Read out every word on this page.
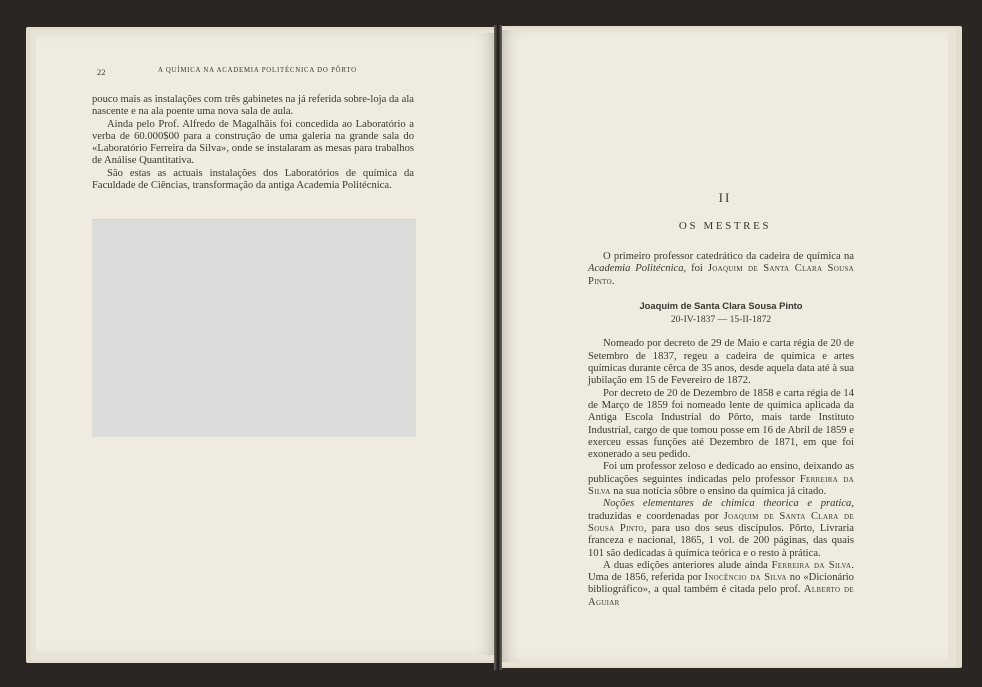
22	A QUÍMICA NA ACADEMIA POLITÉCNICA DO PÔRTO

pouco mais as instalações com três gabinetes na já referida sobre-loja da ala nascente e na ala poente uma nova sala de aula.

Ainda pelo Prof. Alfredo de Magalhãis foi concedida ao Laboratório a verba de 60.000$00 para a construção de uma galeria na grande sala do «Laboratório Ferreira da Silva», onde se instalaram as mesas para trabalhos de Análise Quantitativa.

São estas as actuais instalações dos Laboratórios de química da Faculdade de Ciências, transformação da antiga Academia Politécnica.

II
OS MESTRES

O primeiro professor catedrático da cadeira de química na Academia Politécnica, foi Joaquim de Santa Clara Sousa Pinto.

Joaquim de Santa Clara Sousa Pinto

20-IV-1837 — 15-II-1872

Nomeado por decreto de 29 de Maio e carta régia de 20 de Setembro de 1837, regeu a cadeira de química e artes químicas durante cêrca de 35 anos, desde aquela data até à sua jubilação em 15 de Fevereiro de 1872.

Por decreto de 20 de Dezembro de 1858 e carta régia de 14 de Março de 1859 foi nomeado lente de química aplicada da Antiga Escola Industrial do Pôrto, mais tarde Instituto Industrial, cargo de que tomou posse em 16 de Abril de 1859 e exerceu essas funções até Dezembro de 1871, em que foi exonerado a seu pedido.

Foi um professor zeloso e dedicado ao ensino, deixando as publicações seguintes indicadas pelo professor Ferreira da Silva na sua notícia sôbre o ensino da química já citado.

Noções elementares de chimica theorica e pratica, traduzidas e coordenadas por Joaquim de Santa Clara de Sousa Pinto, para uso dos seus discípulos. Pôrto, Livraria franceza e nacional, 1865, 1 vol. de 200 páginas, das quais 101 são dedicadas à química teórica e o resto à prática.

A duas edições anteriores alude ainda Ferreira da Silva. Uma de 1856, referida por Inocêncio da Silva no «Dicionário bibliográfico», a qual também é citada pelo prof. Alberto de Aguiar
